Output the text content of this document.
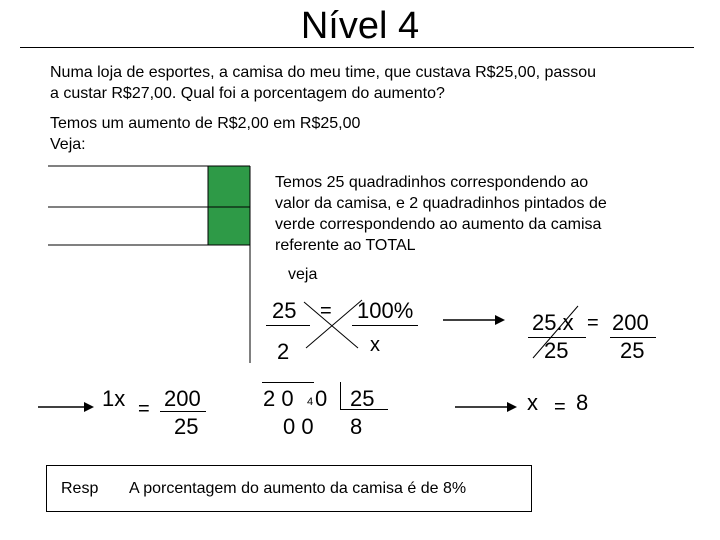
Nível 4
Numa loja de esportes, a camisa do meu time, que custava R$25,00, passou
a custar R$27,00. Qual foi a porcentagem do aumento?
Temos um aumento de R$2,00 em R$25,00
Veja:
Temos 25 quadradinhos correspondendo ao
valor da camisa, e 2 quadradinhos pintados de
verde correspondendo ao aumento da camisa
referente ao TOTAL
veja
25
2
= 100%
x
25.x
25
= 200
25
1x = 200
25
2 0 4 0
0 0
25
8
x = 8
Resp A porcentagem do aumento da camisa é de 8%
